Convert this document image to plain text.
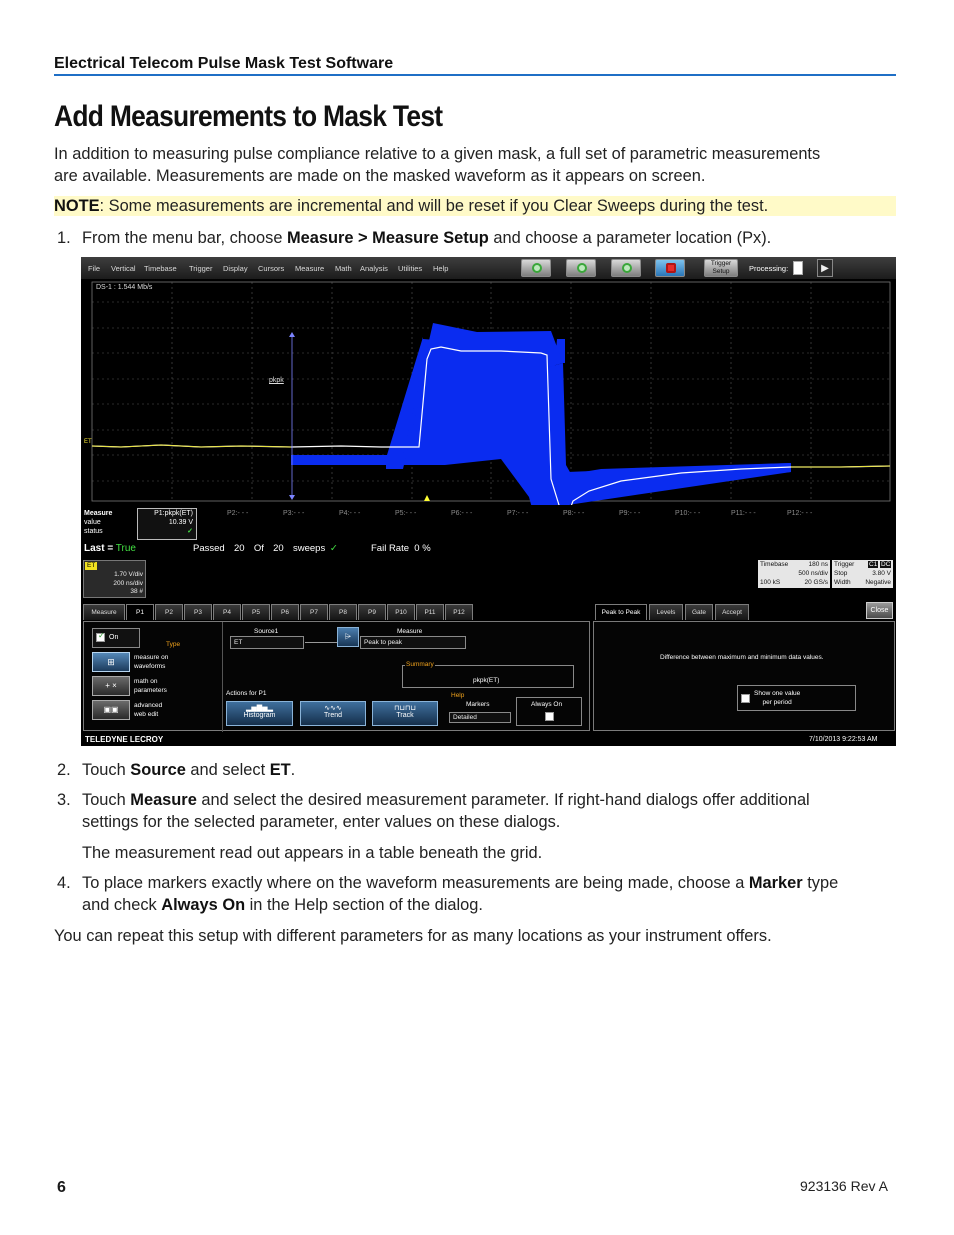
Electrical Telecom Pulse Mask Test Software
Add Measurements to Mask Test
In addition to measuring pulse compliance relative to a given mask, a full set of parametric measurements
are available. Measurements are made on the masked waveform as it appears on screen.
NOTE: Some measurements are incremental and will be reset if you Clear Sweeps during the test.
1. From the menu bar, choose Measure > Measure Setup and choose a parameter location (Px).
File Vertical Timebase Trigger Display Cursors Measure Math Analysis Utilities Help
Trigger
Setup	Processing:	▶
DS-1 : 1.544 Mb/s
pkpk
ET
Measure
value
status
P1:pkpk(ET)
10.39 V
✓
P2:- - -	P3:- - -	P4:- - -	P5:- - -	P6:- - -	P7:- - -	P8:- - -	P9:- - -	P10:- - -	P11:- - -	P12:- - -
Last = True	Passed 20 Of 20 sweeps ✓	Fail Rate 0 %
ET
1.70 V/div
200 ns/div
38 #
Timebase	180 ns
500 ns/div
100 kS	20 GS/s
Trigger C1 DC
Stop	3.80 V
Width Negative
Measure	P1	P2	P3	P4	P5	P6	P7	P8	P9	P10	P11	P12	Peak to Peak	Levels	Gate	Accept	Close
✓ On
Type
⊞	measure on
waveforms
+ ×	math on
parameters
▣▣	advanced
web edit
Source1
ET
⩥
Measure
Peak to peak
Summary
pkpk(ET)
Actions for P1
▂▅▇▅▂
Histogram
∿∿∿
Trend
⊓⊔⊓⊔
Track
Help
Markers
Detailed
Always On
Difference between maximum and minimum data values.
Show one value
per period
TELEDYNE LECROY	7/10/2013 9:22:53 AM
2. Touch Source and select ET.
3. Touch Measure and select the desired measurement parameter. If right-hand dialogs offer additional
settings for the selected parameter, enter values on these dialogs.
The measurement read out appears in a table beneath the grid.
4. To place markers exactly where on the waveform measurements are being made, choose a Marker type
and check Always On in the Help section of the dialog.
You can repeat this setup with different parameters for as many locations as your instrument offers.
6	923136 Rev A
